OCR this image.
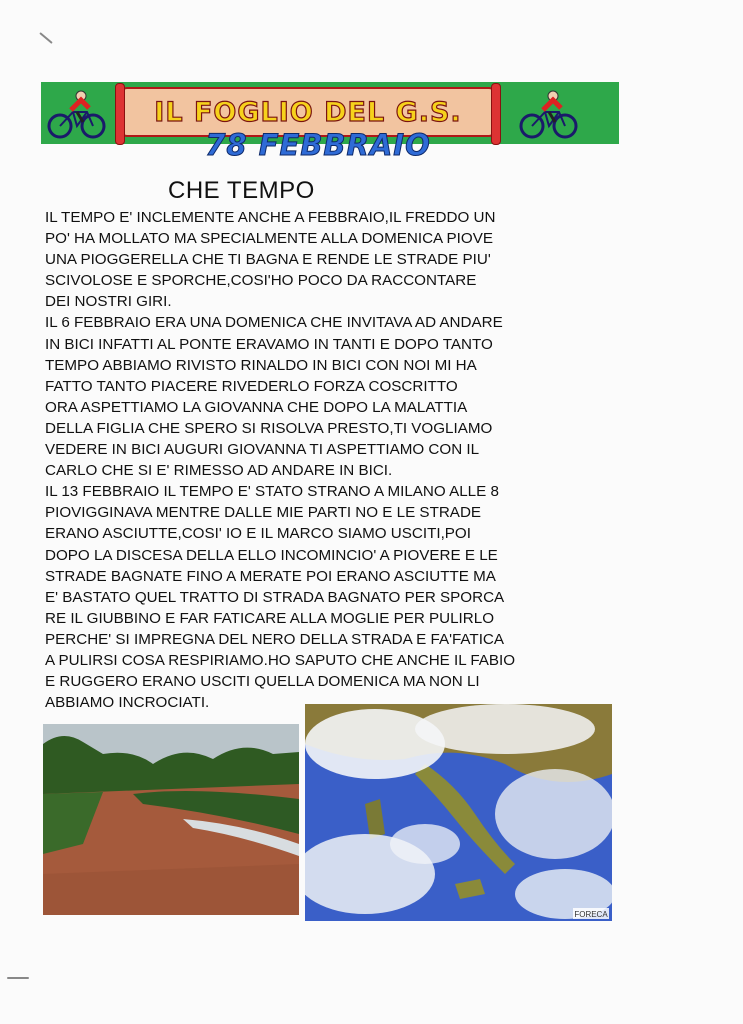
IL FOGLIO DEL G.S.
78 FEBBRAIO
CHE TEMPO
IL TEMPO E' INCLEMENTE ANCHE A FEBBRAIO,IL FREDDO UN
PO' HA MOLLATO MA SPECIALMENTE ALLA DOMENICA PIOVE
UNA PIOGGERELLA CHE TI BAGNA E RENDE LE STRADE PIU'
SCIVOLOSE E SPORCHE,COSI'HO POCO DA RACCONTARE
DEI NOSTRI GIRI.
IL 6 FEBBRAIO ERA UNA DOMENICA CHE INVITAVA AD ANDARE
IN BICI INFATTI AL PONTE ERAVAMO IN TANTI E DOPO TANTO
TEMPO ABBIAMO RIVISTO RINALDO IN BICI CON NOI MI HA
FATTO TANTO PIACERE RIVEDERLO FORZA COSCRITTO
ORA ASPETTIAMO LA GIOVANNA CHE DOPO LA MALATTIA
DELLA FIGLIA CHE SPERO SI RISOLVA PRESTO,TI VOGLIAMO
VEDERE IN BICI AUGURI GIOVANNA TI ASPETTIAMO CON IL
CARLO CHE SI E' RIMESSO AD ANDARE IN BICI.
IL 13 FEBBRAIO IL TEMPO E' STATO STRANO A MILANO ALLE 8
PIOVIGGINAVA MENTRE DALLE MIE PARTI NO E LE STRADE
ERANO ASCIUTTE,COSI' IO E IL MARCO SIAMO USCITI,POI
DOPO LA DISCESA DELLA ELLO INCOMINCIO' A PIOVERE E LE
STRADE BAGNATE FINO A MERATE POI ERANO ASCIUTTE MA
E' BASTATO QUEL TRATTO DI STRADA BAGNATO PER SPORCA
RE IL GIUBBINO E FAR FATICARE ALLA MOGLIE PER PULIRLO
PERCHE' SI IMPREGNA DEL NERO DELLA STRADA E FA'FATICA
A PULIRSI COSA RESPIRIAMO.HO SAPUTO CHE ANCHE IL FABIO
E RUGGERO ERANO USCITI QUELLA DOMENICA MA NON LI
ABBIAMO INCROCIATI.
FORECA
